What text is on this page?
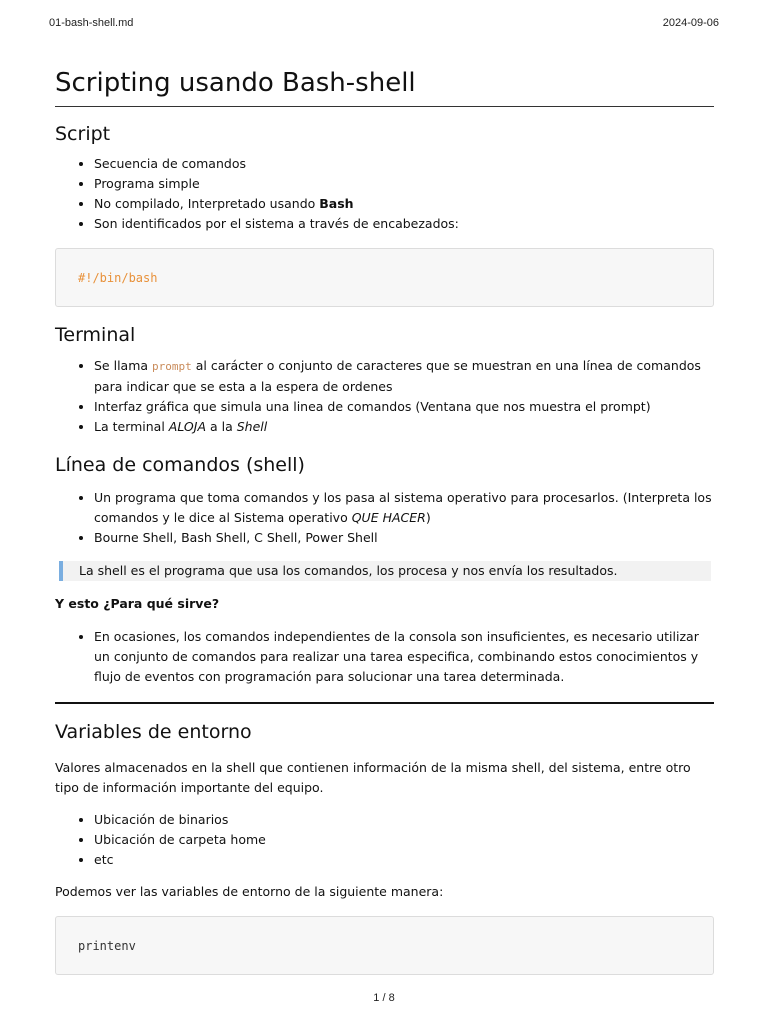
01-bash-shell.md	2024-09-06
Scripting usando Bash-shell
Script
• Secuencia de comandos
• Programa simple
• No compilado, Interpretado usando Bash
• Son identificados por el sistema a través de encabezados:
#!/bin/bash
Terminal
• Se llama prompt al carácter o conjunto de caracteres que se muestran en una línea de comandos para indicar que se esta a la espera de ordenes
• Interfaz gráfica que simula una linea de comandos (Ventana que nos muestra el prompt)
• La terminal ALOJA a la Shell
Línea de comandos (shell)
• Un programa que toma comandos y los pasa al sistema operativo para procesarlos. (Interpreta los comandos y le dice al Sistema operativo QUE HACER)
• Bourne Shell, Bash Shell, C Shell, Power Shell
La shell es el programa que usa los comandos, los procesa y nos envía los resultados.

Y esto ¿Para qué sirve?

• En ocasiones, los comandos independientes de la consola son insuficientes, es necesario utilizar un conjunto de comandos para realizar una tarea especifica, combinando estos conocimientos y flujo de eventos con programación para solucionar una tarea determinada.
Variables de entorno

Valores almacenados en la shell que contienen información de la misma shell, del sistema, entre otro tipo de información importante del equipo.

• Ubicación de binarios
• Ubicación de carpeta home
• etc

Podemos ver las variables de entorno de la siguiente manera:

printenv
1 / 8
